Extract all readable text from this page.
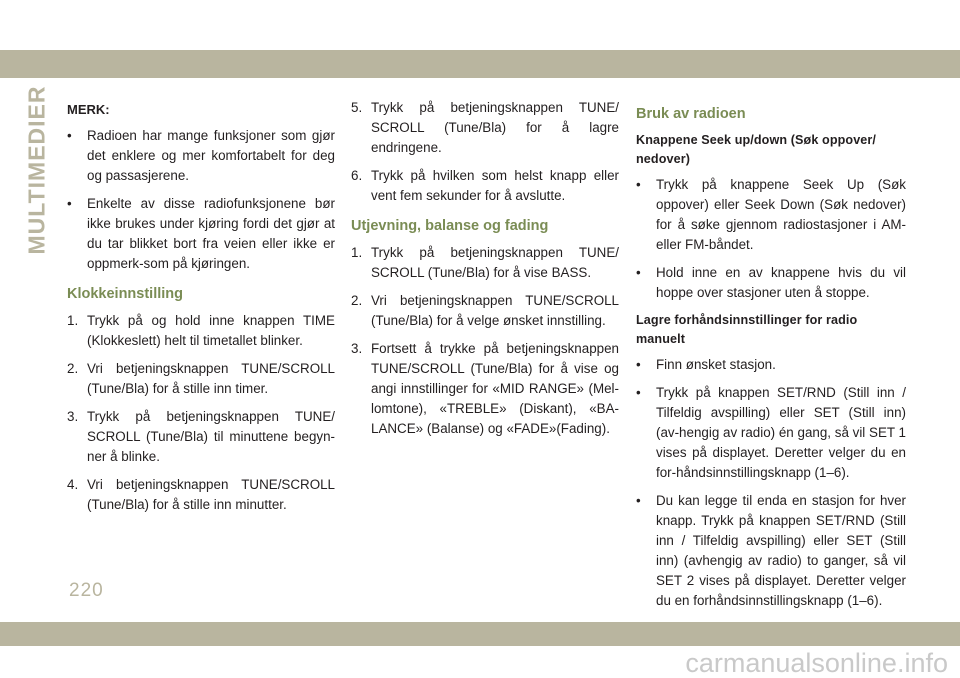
MULTIMEDIER MERK:
• Radioen har mange funksjoner som gjør det enklere og mer komfortabelt for deg og passasjerene.
• Enkelte av disse radiofunksjonene bør ikke brukes under kjøring fordi det gjør at du tar blikket bort fra veien eller ikke er oppmerk-som på kjøringen.
Klokkeinnstilling
1. Trykk på og hold inne knappen TIME (Klokkeslett) helt til timetallet blinker.
2. Vri betjeningsknappen TUNE/SCROLL (Tune/Bla) for å stille inn timer.
3. Trykk på betjeningsknappen TUNE/ SCROLL (Tune/Bla) til minuttene begyn-ner å blinke.
4. Vri betjeningsknappen TUNE/SCROLL (Tune/Bla) for å stille inn minutter.
5. Trykk på betjeningsknappen TUNE/ SCROLL (Tune/Bla) for å lagre endringene.
6. Trykk på hvilken som helst knapp eller vent fem sekunder for å avslutte.
Utjevning, balanse og fading
1. Trykk på betjeningsknappen TUNE/ SCROLL (Tune/Bla) for å vise BASS.
2. Vri betjeningsknappen TUNE/SCROLL (Tune/Bla) for å velge ønsket innstilling.
3. Fortsett å trykke på betjeningsknappen TUNE/SCROLL (Tune/Bla) for å vise og angi innstillinger for «MID RANGE» (Mel-lomtone), «TREBLE» (Diskant), «BA-LANCE» (Balanse) og «FADE»(Fading).
Bruk av radioen
Knappene Seek up/down (Søk oppover/ nedover)
• Trykk på knappene Seek Up (Søk oppover) eller Seek Down (Søk nedover) for å søke gjennom radiostasjoner i AM- eller FM-båndet.
• Hold inne en av knappene hvis du vil hoppe over stasjoner uten å stoppe.
Lagre forhåndsinnstillinger for radio manuelt
• Finn ønsket stasjon.
• Trykk på knappen SET/RND (Still inn / Tilfeldig avspilling) eller SET (Still inn) (av-hengig av radio) én gang, så vil SET 1 vises på displayet. Deretter velger du en for-håndsinnstillingsknapp (1–6).
• Du kan legge til enda en stasjon for hver knapp. Trykk på knappen SET/RND (Still inn / Tilfeldig avspilling) eller SET (Still inn) (avhengig av radio) to ganger, så vil SET 2 vises på displayet. Deretter velger du en forhåndsinnstillingsknapp (1–6).
220
carmanualsonline.info
